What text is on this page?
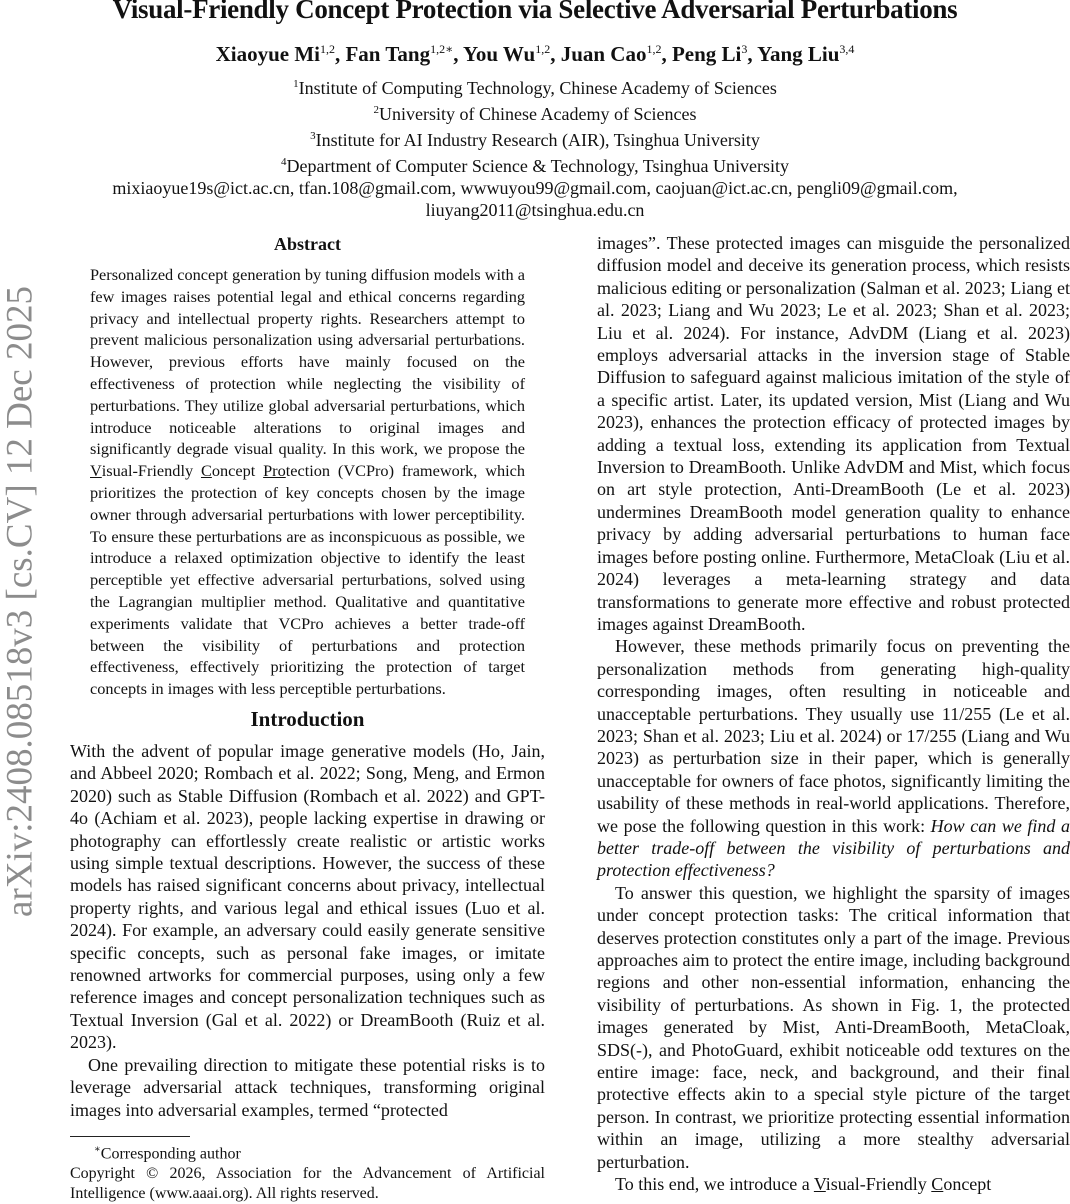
arXiv:2408.08518v3 [cs.CV] 12 Dec 2025
Visual-Friendly Concept Protection via Selective Adversarial Perturbations
Xiaoyue Mi$^{1,2}$, Fan Tang$^{1,2∗}$, You Wu$^{1,2}$, Juan Cao$^{1,2}$, Peng Li$^3$, Yang Liu$^{3,4}$
$^1$Institute of Computing Technology, Chinese Academy of Sciences
$^2$University of Chinese Academy of Sciences
$^3$Institute for AI Industry Research (AIR), Tsinghua University
$^4$Department of Computer Science & Technology, Tsinghua University
mixiaoyue19s@ict.ac.cn, tfan.108@gmail.com, wwwuyou99@gmail.com, caojuan@ict.ac.cn, pengli09@gmail.com, liuyang2011@tsinghua.edu.cn
Abstract
Personalized concept generation by tuning diffusion models with a few images raises potential legal and ethical concerns regarding privacy and intellectual property rights. Researchers attempt to prevent malicious personalization using adversarial perturbations. However, previous efforts have mainly focused on the effectiveness of protection while neglecting the visibility of perturbations. They utilize global adversarial perturbations, which introduce noticeable alterations to original images and significantly degrade visual quality. In this work, we propose the Visual-Friendly Concept Protection (VCPro) framework, which prioritizes the protection of key concepts chosen by the image owner through adversarial perturbations with lower perceptibility. To ensure these perturbations are as inconspicuous as possible, we introduce a relaxed optimization objective to identify the least perceptible yet effective adversarial perturbations, solved using the Lagrangian multiplier method. Qualitative and quantitative experiments validate that VCPro achieves a better trade-off between the visibility of perturbations and protection effectiveness, effectively prioritizing the protection of target concepts in images with less perceptible perturbations.
Introduction

With the advent of popular image generative models (Ho, Jain, and Abbeel 2020; Rombach et al. 2022; Song, Meng, and Ermon 2020) such as Stable Diffusion (Rombach et al. 2022) and GPT-4o (Achiam et al. 2023), people lacking expertise in drawing or photography can effortlessly create realistic or artistic works using simple textual descriptions. However, the success of these models has raised significant concerns about privacy, intellectual property rights, and various legal and ethical issues (Luo et al. 2024). For example, an adversary could easily generate sensitive specific concepts, such as personal fake images, or imitate renowned artworks for commercial purposes, using only a few reference images and concept personalization techniques such as Textual Inversion (Gal et al. 2022) or DreamBooth (Ruiz et al. 2023).

One prevailing direction to mitigate these potential risks is to leverage adversarial attack techniques, transforming original images into adversarial examples, termed “protected

∗Corresponding author
Copyright © 2026, Association for the Advancement of Artificial Intelligence (www.aaai.org). All rights reserved.

images”. These protected images can misguide the personalized diffusion model and deceive its generation process, which resists malicious editing or personalization (Salman et al. 2023; Liang et al. 2023; Liang and Wu 2023; Le et al. 2023; Shan et al. 2023; Liu et al. 2024). For instance, AdvDM (Liang et al. 2023) employs adversarial attacks in the inversion stage of Stable Diffusion to safeguard against malicious imitation of the style of a specific artist. Later, its updated version, Mist (Liang and Wu 2023), enhances the protection efficacy of protected images by adding a textual loss, extending its application from Textual Inversion to DreamBooth. Unlike AdvDM and Mist, which focus on art style protection, Anti-DreamBooth (Le et al. 2023) undermines DreamBooth model generation quality to enhance privacy by adding adversarial perturbations to human face images before posting online. Furthermore, MetaCloak (Liu et al. 2024) leverages a meta-learning strategy and data transformations to generate more effective and robust protected images against DreamBooth.

However, these methods primarily focus on preventing the personalization methods from generating high-quality corresponding images, often resulting in noticeable and unacceptable perturbations. They usually use 11/255 (Le et al. 2023; Shan et al. 2023; Liu et al. 2024) or 17/255 (Liang and Wu 2023) as perturbation size in their paper, which is generally unacceptable for owners of face photos, significantly limiting the usability of these methods in real-world applications. Therefore, we pose the following question in this work: How can we find a better trade-off between the visibility of perturbations and protection effectiveness?

To answer this question, we highlight the sparsity of images under concept protection tasks: The critical information that deserves protection constitutes only a part of the image. Previous approaches aim to protect the entire image, including background regions and other non-essential information, enhancing the visibility of perturbations. As shown in Fig. 1, the protected images generated by Mist, Anti-DreamBooth, MetaCloak, SDS(-), and PhotoGuard, exhibit noticeable odd textures on the entire image: face, neck, and background, and their final protective effects akin to a special style picture of the target person. In contrast, we prioritize protecting essential information within an image, utilizing a more stealthy adversarial perturbation.

To this end, we introduce a Visual-Friendly Concept
